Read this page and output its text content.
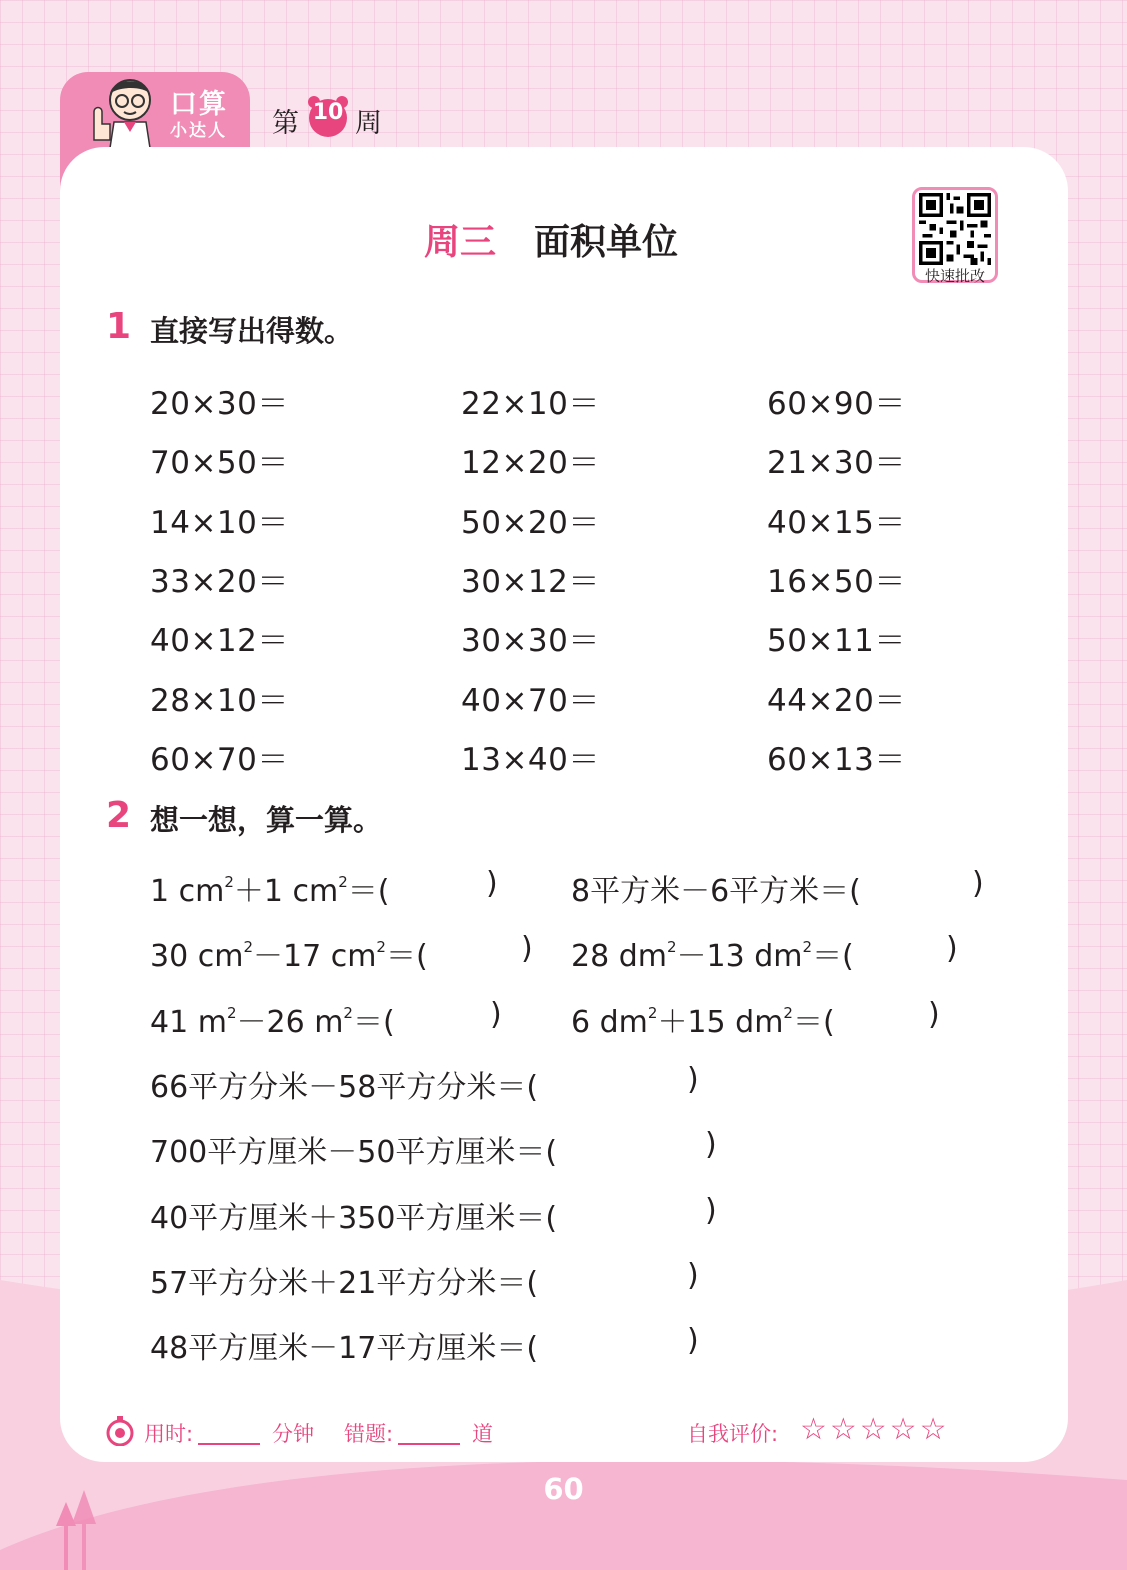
口算
小达人 第 10 周
周三 面积单位
快速批改
1 直接写出得数。
20×30＝	22×10＝	60×90＝
70×50＝	12×20＝	21×30＝
14×10＝	50×20＝	40×15＝
33×20＝	30×12＝	16×50＝
40×12＝	30×30＝	50×11＝
28×10＝	40×70＝	44×20＝
60×70＝	13×40＝	60×13＝
2 想一想，算一算。
1 $cm^2+1$ $cm^2=$(	) 8平方米－6平方米＝(	)
30 $cm^2-17$ $cm^2=$(	) 28 $dm^2-13$ $dm^2=$(	)
41 $m^2-26$ $m^2=$(	) 6 $dm^2+15$ $dm^2=$(	)
66平方分米－58平方分米＝(	)
700平方厘米－50平方厘米＝(	)
40平方厘米＋350平方厘米＝(	)
57平方分米＋21平方分米＝(	)
48平方厘米－17平方厘米＝(	)
用时:	分钟 错题:	道	自我评价: ☆☆☆☆☆
60
